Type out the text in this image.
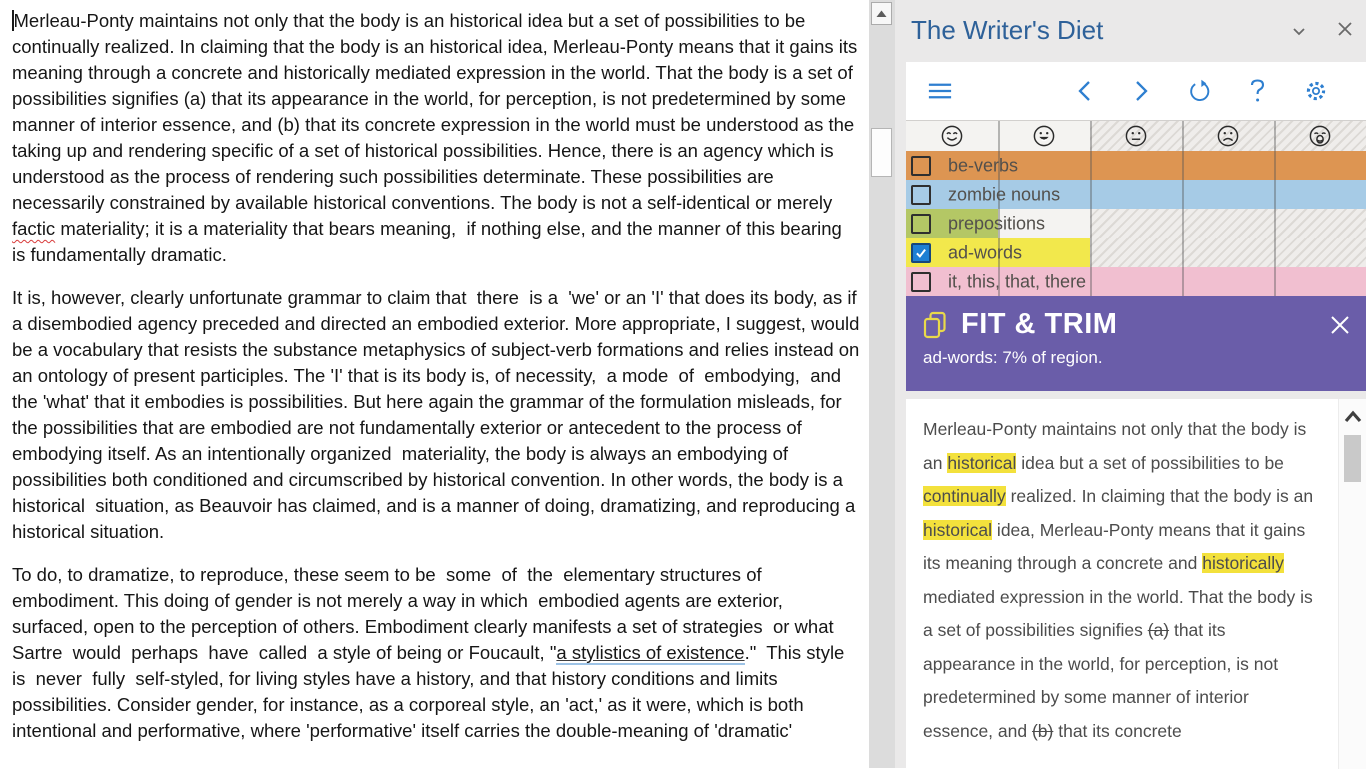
Merleau-Ponty maintains not only that the body is an historical idea but a set of possibilities to be continually realized. In claiming that the body is an historical idea, Merleau-Ponty means that it gains its meaning through a concrete and historically mediated expression in the world. That the body is a set of possibilities signifies (a) that its appearance in the world, for perception, is not predetermined by some manner of interior essence, and (b) that its concrete expression in the world must be understood as the taking up and rendering specific of a set of historical possibilities. Hence, there is an agency which is understood as the process of rendering such possibilities determinate. These possibilities are necessarily constrained by available historical conventions. The body is not a self-identical or merely factic materiality; it is a materiality that bears meaning,  if nothing else, and the manner of this bearing   is fundamentally dramatic.
It is, however, clearly unfortunate grammar to claim that  there  is a  'we' or an 'I' that does its body, as if a disembodied agency preceded and directed an embodied exterior. More appropriate, I suggest, would be a vocabulary that resists the substance metaphysics of subject-verb formations and relies instead on an ontology of present participles. The 'I' that is its body is, of necessity,  a mode  of  embodying,  and  the 'what' that it embodies is possibilities. But here again the grammar of the formulation misleads, for the possibilities that are embodied are not fundamentally exterior or antecedent to the process of embodying itself. As an intentionally organized  materiality, the body is always an embodying of possibilities both conditioned and circumscribed by historical convention. In other words, the body is a  historical  situation, as Beauvoir has claimed, and is a manner of doing, dramatizing, and reproducing a historical situation.
To do, to dramatize, to reproduce, these seem to be  some  of  the  elementary structures of embodiment. This doing of gender is not merely a way in which  embodied agents are exterior, surfaced, open to the perception of others. Embodiment clearly manifests a set of strategies  or what Sartre  would  perhaps  have  called  a style of being or Foucault, "a stylistics of existence."  This style  is  never  fully  self-styled, for living styles have a history, and that history conditions and limits possibilities. Consider gender, for instance, as a corporeal style, an 'act,' as it were, which is both intentional and performative, where 'performative' itself carries the double-meaning of 'dramatic'
The Writer's Diet
be-verbs
zombie nouns
prepositions
ad-words
it, this, that, there
FIT & TRIM
ad-words: 7% of region.
Merleau-Ponty maintains not only that the body is an historical idea but a set of possibilities to be continually realized. In claiming that the body is an historical idea, Merleau-Ponty means that it gains its meaning through a concrete and historically mediated expression in the world. That the body is a set of possibilities signifies (a) that its appearance in the world, for perception, is not predetermined by some manner of interior essence, and (b) that its concrete
